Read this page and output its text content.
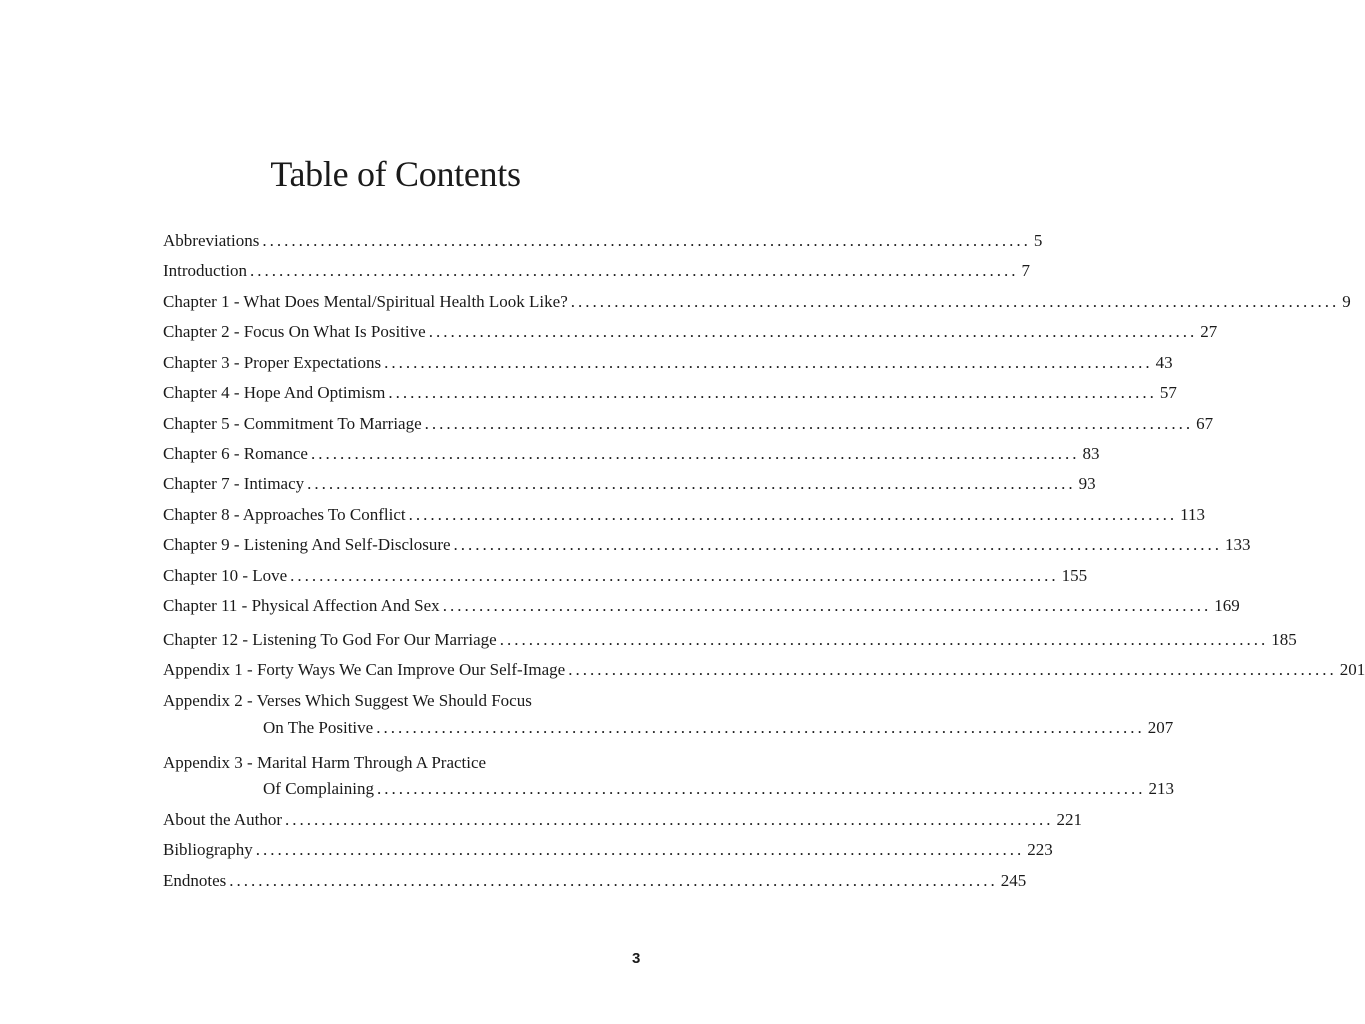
Table of Contents
Abbreviations .......................................................................................................... 5
Introduction .......................................................................................................... 7
Chapter 1 - What Does Mental/Spiritual Health Look Like? .......................................................................................................... 9
Chapter 2 - Focus On What Is Positive .......................................................................................................... 27
Chapter 3 - Proper Expectations .......................................................................................................... 43
Chapter 4 - Hope And Optimism .......................................................................................................... 57
Chapter 5 - Commitment To Marriage .......................................................................................................... 67
Chapter 6 - Romance .......................................................................................................... 83
Chapter 7 - Intimacy .......................................................................................................... 93
Chapter 8 - Approaches To Conflict .......................................................................................................... 113
Chapter 9 - Listening And Self-Disclosure .......................................................................................................... 133
Chapter 10 - Love .......................................................................................................... 155
Chapter 11 - Physical Affection And Sex .......................................................................................................... 169
Chapter 12 - Listening To God For Our Marriage .......................................................................................................... 185
Appendix 1 - Forty Ways We Can Improve Our Self-Image .......................................................................................................... 201
Appendix 2 - Verses Which Suggest We Should Focus
On The Positive .......................................................................................................... 207
Appendix 3 - Marital Harm Through A Practice
Of Complaining .......................................................................................................... 213
About the Author .......................................................................................................... 221
Bibliography .......................................................................................................... 223
Endnotes .......................................................................................................... 245
3
